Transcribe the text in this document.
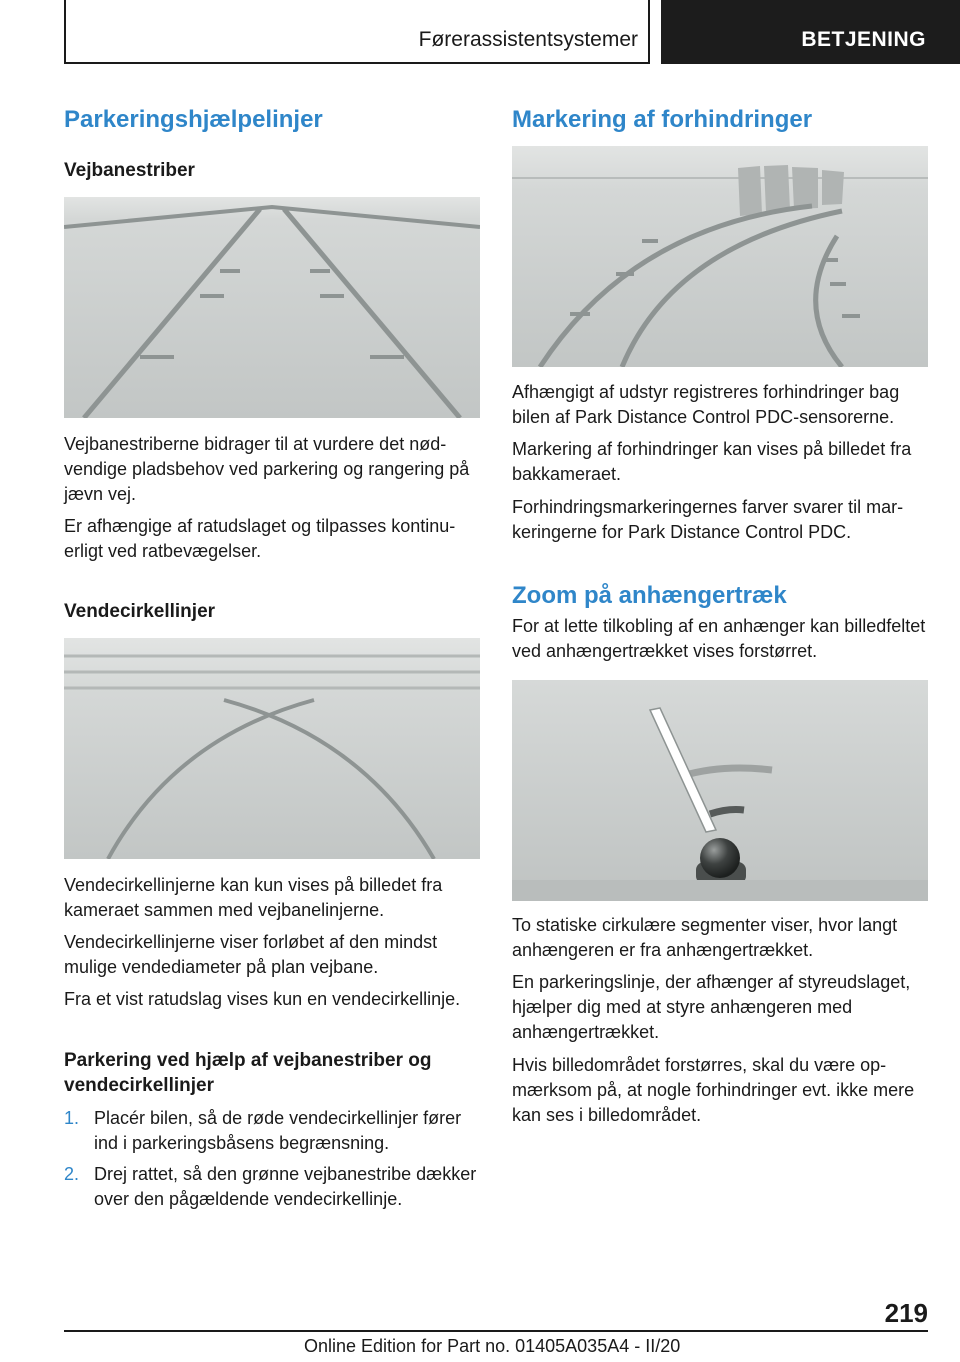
Førerassistentsystemer	BETJENING
Parkeringshjælpelinjer
Vejbanestriber

Vejbanestriberne bidrager til at vurdere det nødvendige pladsbehov ved parkering og rangering på jævn vej.

Er afhængige af ratudslaget og tilpasses kontinuerligt ved ratbevægelser.

Vendecirkellinjer

Vendecirkellinjerne kan kun vises på billedet fra kameraet sammen med vejbanelinjerne.

Vendecirkellinjerne viser forløbet af den mindst mulige vendediameter på plan vejbane.

Fra et vist ratudslag vises kun en vendecirkellinje.

Parkering ved hjælp af vejbanestriber og vendecirkellinjer
1. Placér bilen, så de røde vendecirkellinjer fører ind i parkeringsbåsens begrænsning.
2. Drej rattet, så den grønne vejbanestribe dækker over den pågældende vendecirkellinje.
Markering af forhindringer

Afhængigt af udstyr registreres forhindringer bag bilen af Park Distance Control PDC-sensorerne.

Markering af forhindringer kan vises på billedet fra bakkameraet.

Forhindringsmarkeringernes farver svarer til markeringerne for Park Distance Control PDC.

Zoom på anhængertræk

For at lette tilkobling af en anhænger kan billedfeltet ved anhængertrækket vises forstørret.

To statiske cirkulære segmenter viser, hvor langt anhængeren er fra anhængertrækket.

En parkeringslinje, der afhænger af styreudslaget, hjælper dig med at styre anhængeren med anhængertrækket.

Hvis billedområdet forstørres, skal du være opmærksom på, at nogle forhindringer evt. ikke mere kan ses i billedområdet.

219
Online Edition for Part no. 01405A035A4 - II/20
